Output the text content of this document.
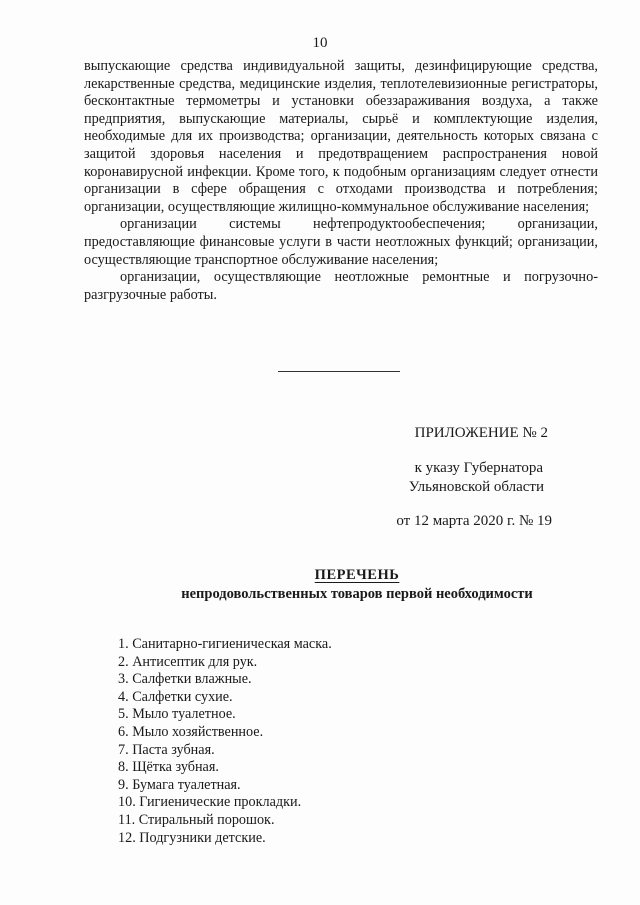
10

выпускающие средства индивидуальной защиты, дезинфицирующие средства, лекарственные средства, медицинские изделия, теплотелевизионные регистраторы, бесконтактные термометры и установки обеззараживания воздуха, а также предприятия, выпускающие материалы, сырьё и комплектующие изделия, необходимые для их производства; организации, деятельность которых связана с защитой здоровья населения и предотвращением распространения новой коронавирусной инфекции. Кроме того, к подобным организациям следует отнести организации в сфере обращения с отходами производства и потребления; организации, осуществляющие жилищно-коммунальное обслуживание населения;

организации системы нефтепродуктообеспечения; организации, предоставляющие финансовые услуги в части неотложных функций; организации, осуществляющие транспортное обслуживание населения;

организации, осуществляющие неотложные ремонтные и погрузочно-разгрузочные работы.

ПРИЛОЖЕНИЕ № 2
к указу Губернатора
Ульяновской области
от 12 марта 2020 г. № 19
ПЕРЕЧЕНЬ
непродовольственных товаров первой необходимости
1. Санитарно-гигиеническая маска.
2. Антисептик для рук.
3. Салфетки влажные.
4. Салфетки сухие.
5. Мыло туалетное.
6. Мыло хозяйственное.
7. Паста зубная.
8. Щётка зубная.
9. Бумага туалетная.
10. Гигиенические прокладки.
11. Стиральный порошок.
12. Подгузники детские.
